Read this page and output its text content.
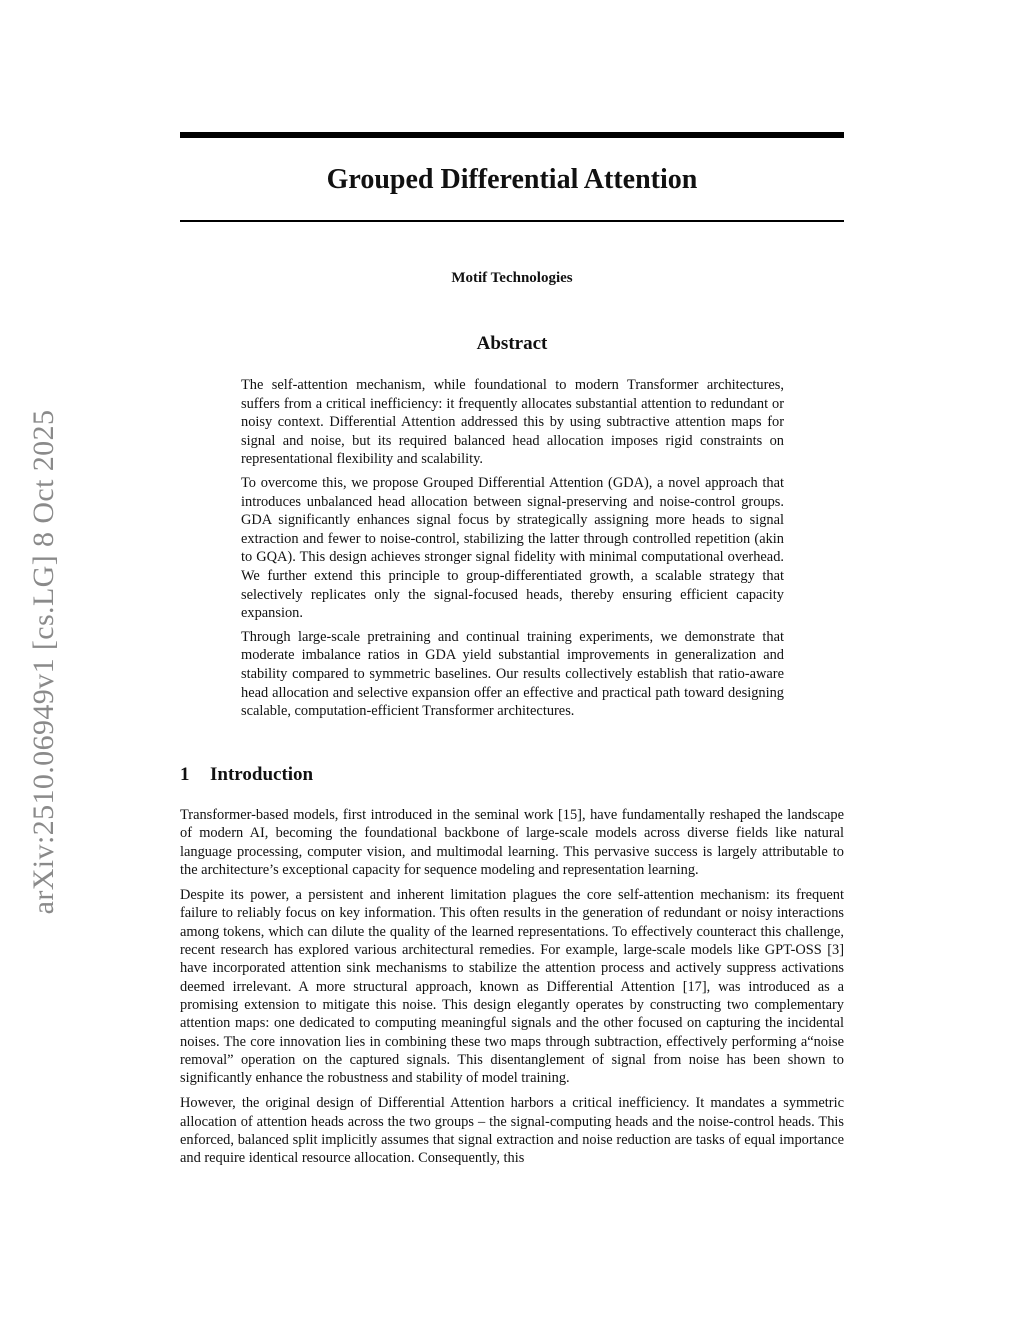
arXiv:2510.06949v1 [cs.LG] 8 Oct 2025
Grouped Differential Attention
Motif Technologies
Abstract

The self-attention mechanism, while foundational to modern Transformer architectures, suffers from a critical inefficiency: it frequently allocates substantial attention to redundant or noisy context. Differential Attention addressed this by using subtractive attention maps for signal and noise, but its required balanced head allocation imposes rigid constraints on representational flexibility and scalability.

To overcome this, we propose Grouped Differential Attention (GDA), a novel approach that introduces unbalanced head allocation between signal-preserving and noise-control groups. GDA significantly enhances signal focus by strategically assigning more heads to signal extraction and fewer to noise-control, stabilizing the latter through controlled repetition (akin to GQA). This design achieves stronger signal fidelity with minimal computational overhead. We further extend this principle to group-differentiated growth, a scalable strategy that selectively replicates only the signal-focused heads, thereby ensuring efficient capacity expansion.

Through large-scale pretraining and continual training experiments, we demonstrate that moderate imbalance ratios in GDA yield substantial improvements in generalization and stability compared to symmetric baselines. Our results collectively establish that ratio-aware head allocation and selective expansion offer an effective and practical path toward designing scalable, computation-efficient Transformer architectures.

1 Introduction

Transformer-based models, first introduced in the seminal work [15], have fundamentally reshaped the landscape of modern AI, becoming the foundational backbone of large-scale models across diverse fields like natural language processing, computer vision, and multimodal learning. This pervasive success is largely attributable to the architecture’s exceptional capacity for sequence modeling and representation learning.

Despite its power, a persistent and inherent limitation plagues the core self-attention mechanism: its frequent failure to reliably focus on key information. This often results in the generation of redundant or noisy interactions among tokens, which can dilute the quality of the learned representations. To effectively counteract this challenge, recent research has explored various architectural remedies. For example, large-scale models like GPT-OSS [3] have incorporated attention sink mechanisms to stabilize the attention process and actively suppress activations deemed irrelevant. A more structural approach, known as Differential Attention [17], was introduced as a promising extension to mitigate this noise. This design elegantly operates by constructing two complementary attention maps: one dedicated to computing meaningful signals and the other focused on capturing the incidental noises. The core innovation lies in combining these two maps through subtraction, effectively performing a“noise removal” operation on the captured signals. This disentanglement of signal from noise has been shown to significantly enhance the robustness and stability of model training.

However, the original design of Differential Attention harbors a critical inefficiency. It mandates a symmetric allocation of attention heads across the two groups – the signal-computing heads and the noise-control heads. This enforced, balanced split implicitly assumes that signal extraction and noise reduction are tasks of equal importance and require identical resource allocation. Consequently, this
